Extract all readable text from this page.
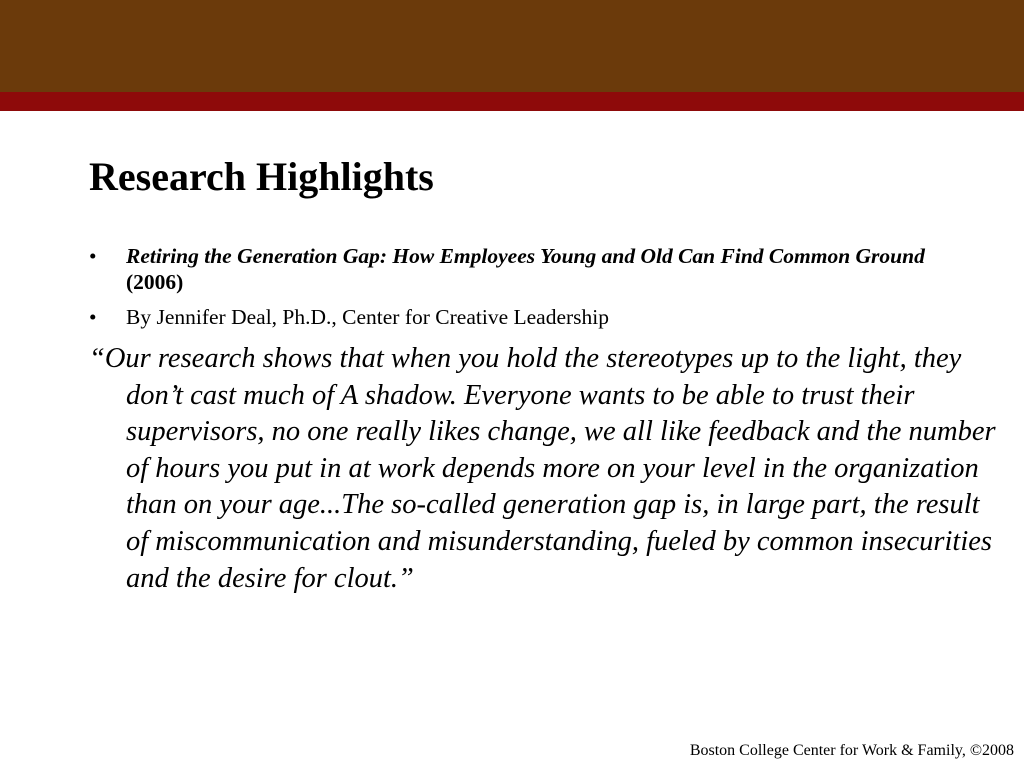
Research Highlights
• Retiring the Generation Gap: How Employees Young and Old Can Find Common Ground (2006)
• By Jennifer Deal, Ph.D., Center for Creative Leadership

“Our research shows that when you hold the stereotypes up to the light, they don’t cast much of A shadow. Everyone wants to be able to trust their supervisors, no one really likes change, we all like feedback and the number of hours you put in at work depends more on your level in the organization than on your age...The so-called generation gap is, in large part, the result of miscommunication and misunderstanding, fueled by common insecurities and the desire for clout.”

Boston College Center for Work & Family, ©2008
